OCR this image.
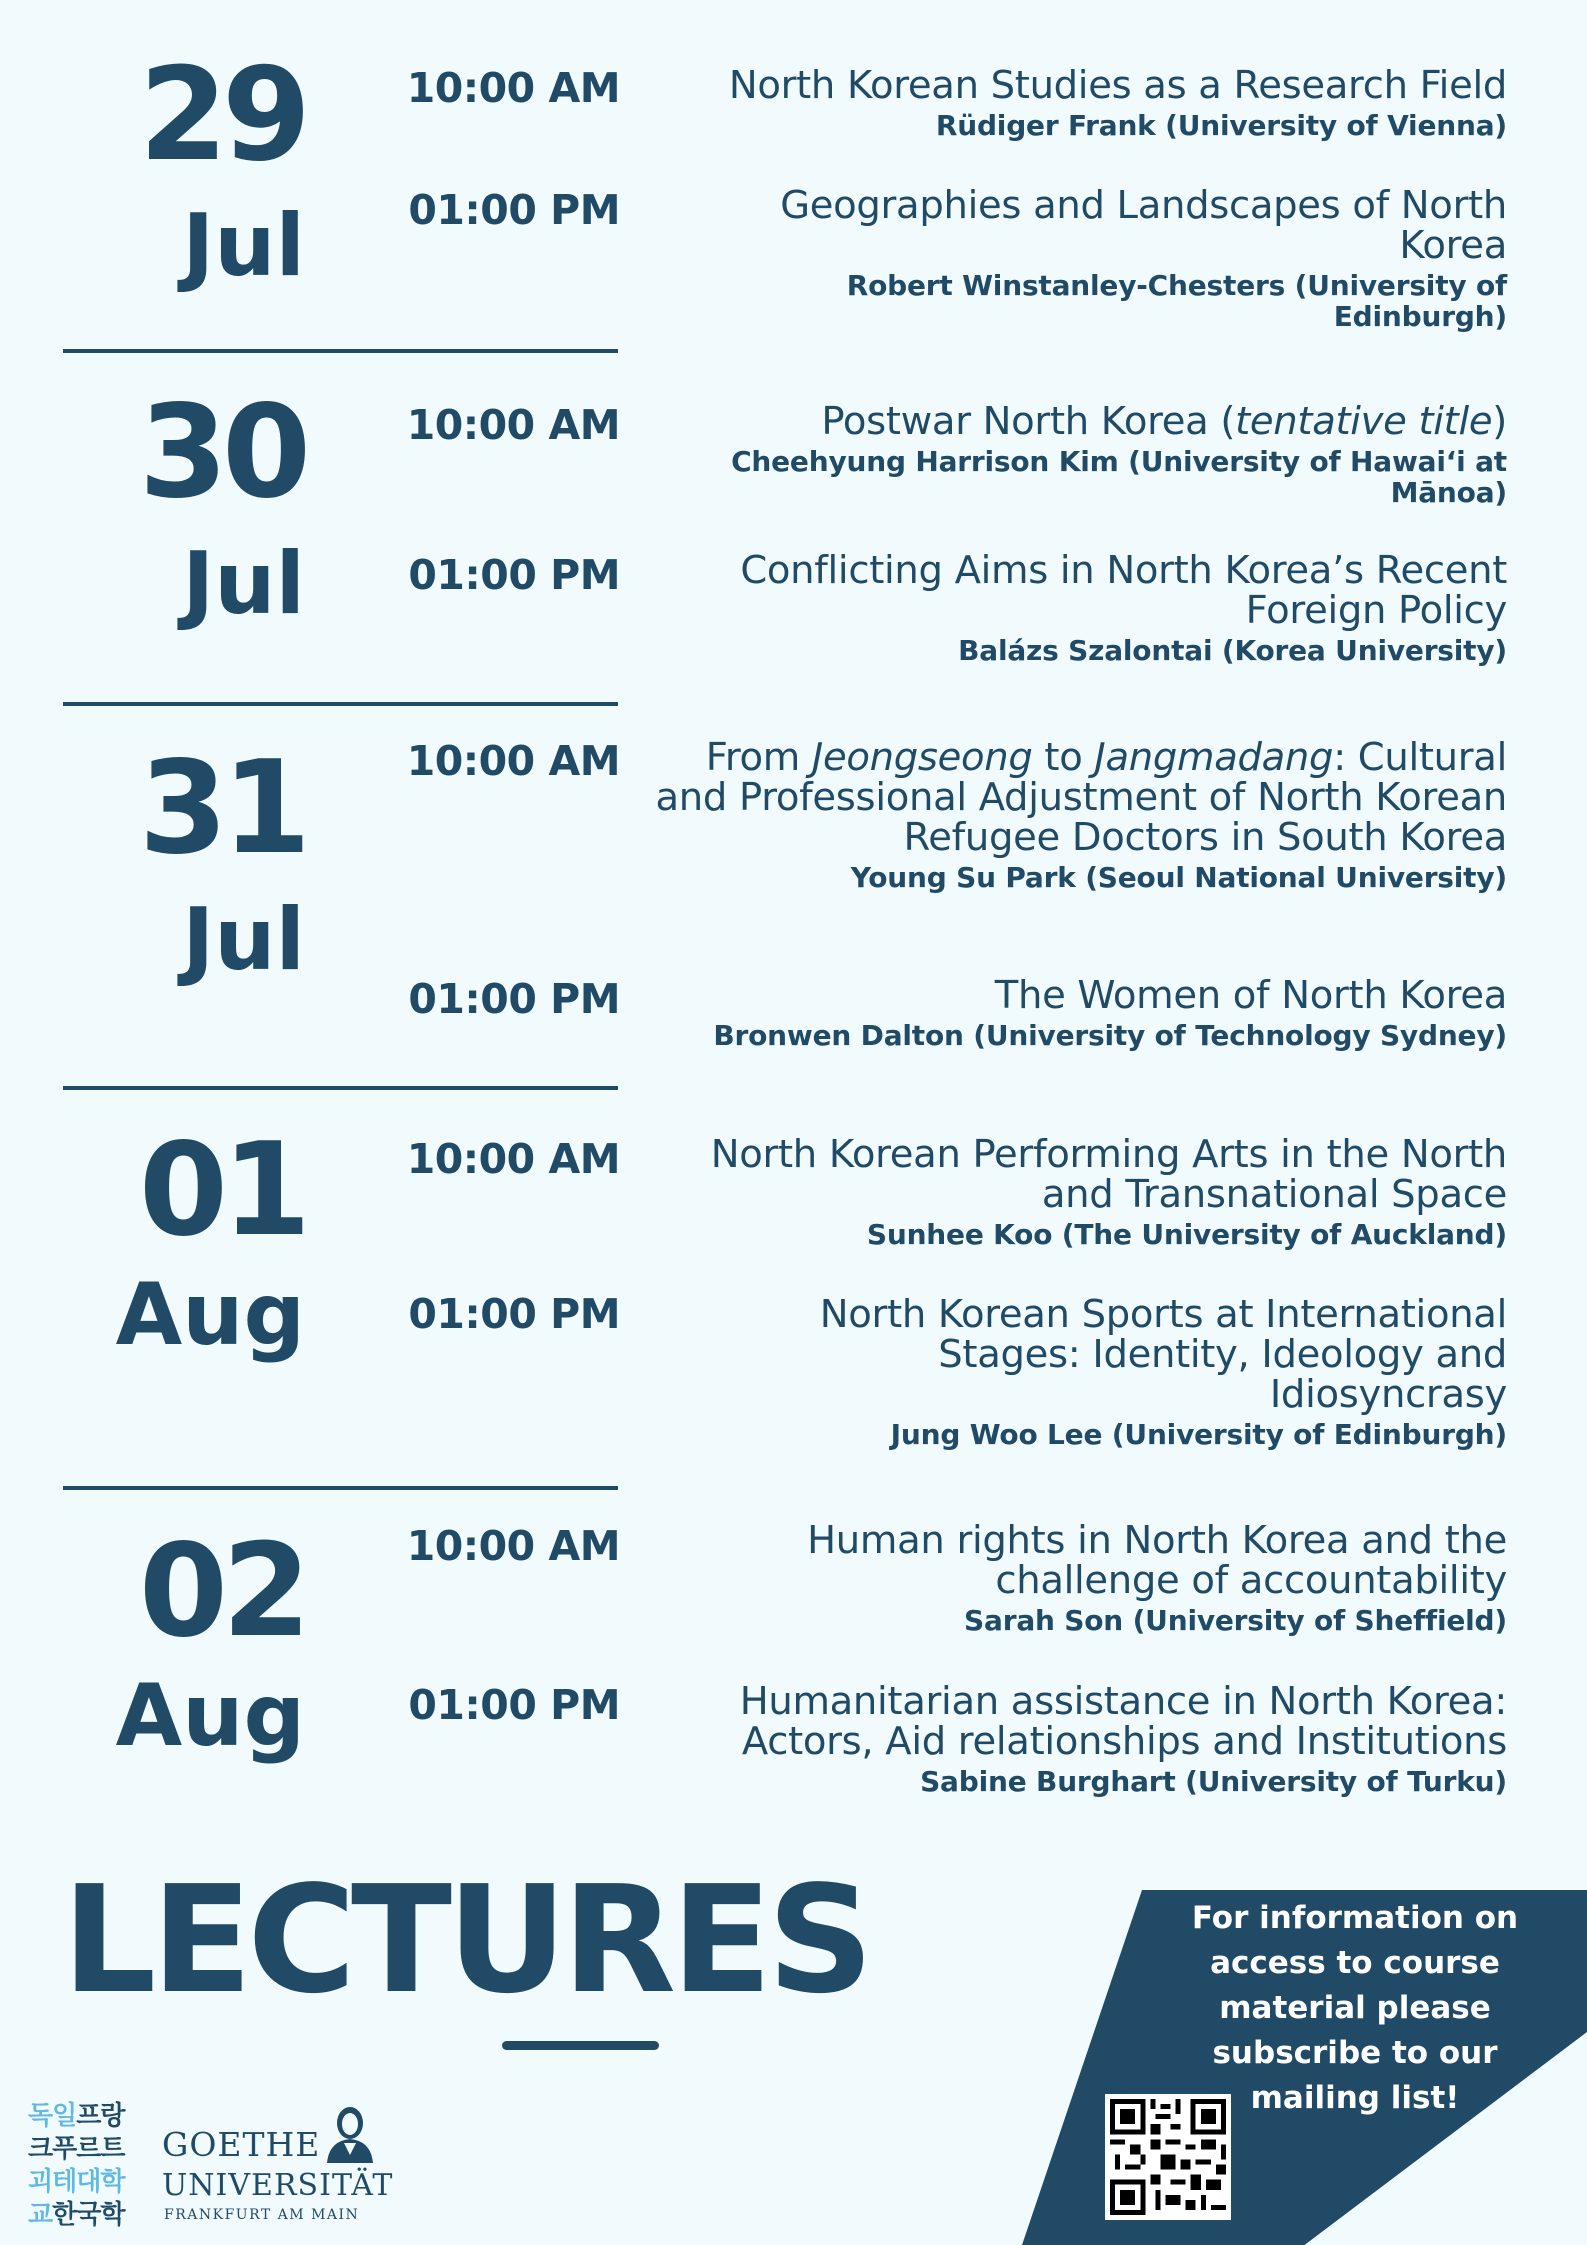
29
Jul
10:00 AM	North Korean Studies as a Research Field
Rüdiger Frank (University of Vienna)
01:00 PM	Geographies and Landscapes of North Korea
Robert Winstanley-Chesters (University of Edinburgh)
30
Jul
10:00 AM	Postwar North Korea (tentative title)
Cheehyung Harrison Kim (University of Hawaiʻi at Mānoa)
01:00 PM	Conflicting Aims in North Korea’s Recent Foreign Policy
Balázs Szalontai (Korea University)
31
Jul
10:00 AM	From Jeongseong to Jangmadang: Cultural and Professional Adjustment of North Korean Refugee Doctors in South Korea
Young Su Park (Seoul National University)
01:00 PM	The Women of North Korea
Bronwen Dalton (University of Technology Sydney)
01
Aug
10:00 AM	North Korean Performing Arts in the North and Transnational Space
Sunhee Koo (The University of Auckland)
01:00 PM	North Korean Sports at International Stages: Identity, Ideology and Idiosyncrasy
Jung Woo Lee (University of Edinburgh)
02
Aug
10:00 AM	Human rights in North Korea and the challenge of accountability
Sarah Son (University of Sheffield)
01:00 PM	Humanitarian assistance in North Korea: Actors, Aid relationships and Institutions
Sabine Burghart (University of Turku)
LECTURES	For information on access to course material please subscribe to our mailing list!
독일프랑
크푸르트
괴테대학
교한국학
GOETHE
UNIVERSITÄT
FRANKFURT AM MAIN
